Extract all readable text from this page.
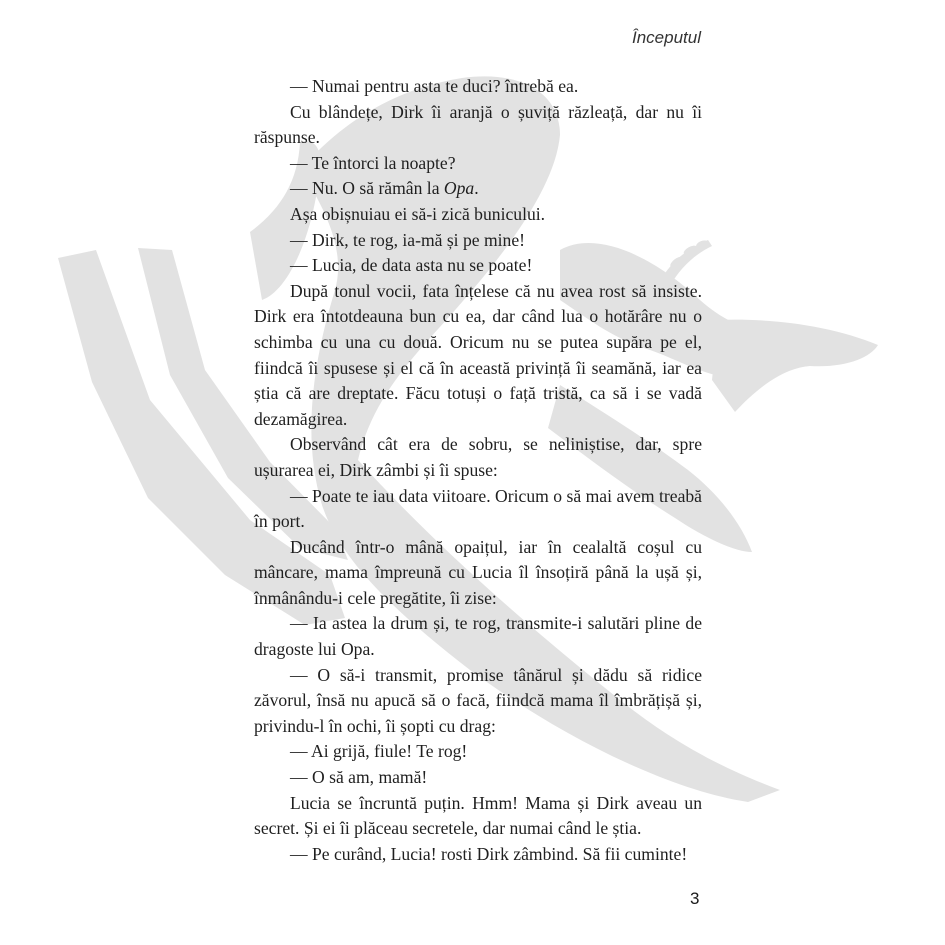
Începutul

— Numai pentru asta te duci? întrebă ea.

Cu blândețe, Dirk îi aranjă o șuviță răzleață, dar nu îi răspunse.

— Te întorci la noapte?

— Nu. O să rămân la Opa.

Așa obișnuiau ei să-i zică bunicului.

— Dirk, te rog, ia-mă și pe mine!

— Lucia, de data asta nu se poate!

După tonul vocii, fata înțelese că nu avea rost să insiste. Dirk era întotdeauna bun cu ea, dar când lua o hotărâre nu o schimba cu una cu două. Oricum nu se putea supăra pe el, fiindcă îi spusese și el că în această privință îi seamănă, iar ea știa că are dreptate. Făcu totuși o față tristă, ca să i se vadă dezamăgirea.

Observând cât era de sobru, se neliniștise, dar, spre ușurarea ei, Dirk zâmbi și îi spuse:

— Poate te iau data viitoare. Oricum o să mai avem treabă în port.

Ducând într-o mână opaițul, iar în cealaltă coșul cu mâncare, mama împreună cu Lucia îl însoțiră până la ușă și, înmânându-i cele pregătite, îi zise:

— Ia astea la drum și, te rog, transmite-i salutări pline de dragoste lui Opa.

— O să-i transmit, promise tânărul și dădu să ridice zăvorul, însă nu apucă să o facă, fiindcă mama îl îmbrățișă și, privindu-l în ochi, îi șopti cu drag:

— Ai grijă, fiule! Te rog!

— O să am, mamă!

Lucia se încruntă puțin. Hmm! Mama și Dirk aveau un secret. Și ei îi plăceau secretele, dar numai când le știa.

— Pe curând, Lucia! rosti Dirk zâmbind. Să fii cuminte!

3
